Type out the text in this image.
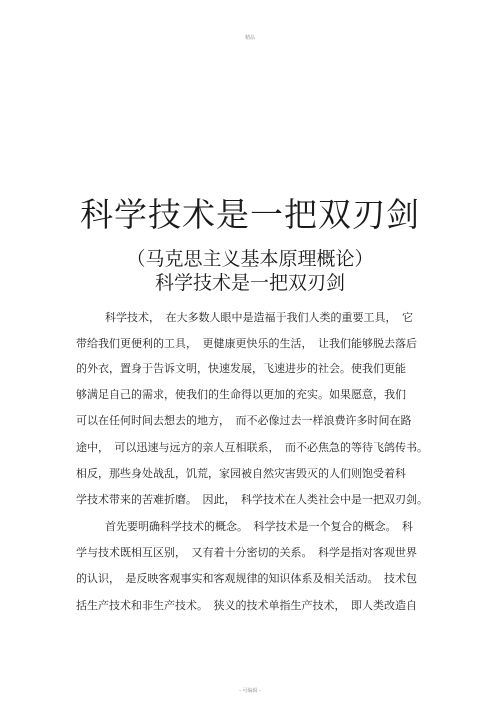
精品
科学技术是一把双刃剑
（马克思主义基本原理概论）
科学技术是一把双刃剑
科学技术，　在大多数人眼中是造福于我们人类的重要工具，　它
带给我们更便利的工具，　更健康更快乐的生活，　让我们能够脱去落后
的外衣，置身于告诉文明，快速发展，飞速进步的社会。使我们更能
够满足自己的需求，使我们的生命得以更加的充实。如果愿意，我们
可以在任何时间去想去的地方，　而不必像过去一样浪费许多时间在路
途中，　可以迅速与远方的亲人互相联系，　而不必焦急的等待飞鸽传书。
相反，那些身处战乱，饥荒，家园被自然灾害毁灭的人们则饱受着科
学技术带来的苦难折磨。　因此，　科学技术在人类社会中是一把双刃剑。
首先要明确科学技术的概念。　科学技术是一个复合的概念。　科
学与技术既相互区别，　又有着十分密切的关系。　科学是指对客观世界
的认识，　是反映客观事实和客观规律的知识体系及相关活动。　技术包
括生产技术和非生产技术。　狭义的技术单指生产技术，　即人类改造自
- 可编辑 -
